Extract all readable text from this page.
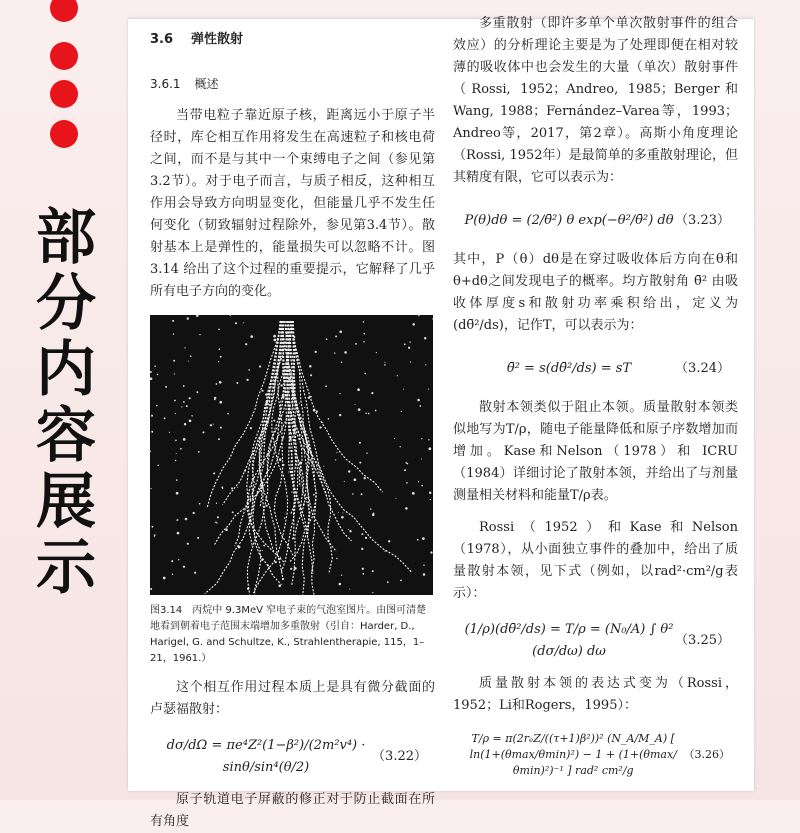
部分内容展示
3.6 弹性散射
3.6.1 概述

当带电粒子靠近原子核，距离远小于原子半径时，库仑相互作用将发生在高速粒子和核电荷之间，而不是与其中一个束缚电子之间（参见第3.2节）。对于电子而言，与质子相反，这种相互作用会导致方向明显变化，但能量几乎不发生任何变化（韧致辐射过程除外，参见第3.4节）。散射基本上是弹性的，能量损失可以忽略不计。图 3.14 给出了这个过程的重要提示，它解释了几乎所有电子方向的变化。

图3.14　丙烷中 9.3MeV 窄电子束的气泡室图片。由图可清楚地看到朝着电子范围末端增加多重散射（引自：Harder, D., Harigel, G. and Schultze, K., Strahlentherapie, 115，1–21，1961.）

这个相互作用过程本质上是具有微分截面的卢瑟福散射：

dσ/dΩ = πe⁴Z²(1−β²)/(2m²v⁴) · sinθ/sin⁴(θ/2)
（3.22）

原子轨道电子屏蔽的修正对于防止截面在所有角度

多重散射（即许多单个单次散射事件的组合效应）的分析理论主要是为了处理即便在相对较薄的吸收体中也会发生的大量（单次）散射事件（Rossi, 1952；Andreo, 1985；Berger和Wang, 1988；Fernández–Varea等，1993；Andreo等，2017，第2章）。高斯小角度理论（Rossi, 1952年）是最简单的多重散射理论，但其精度有限，它可以表示为：

P(θ)dθ = (2/θ̄²) θ exp(−θ²/θ̄²) dθ （3.23）

其中，P（θ）dθ是在穿过吸收体后方向在θ和θ+dθ之间发现电子的概率。均方散射角 θ̄² 由吸收体厚度s和散射功率乘积给出，定义为 (dθ̄²/ds)，记作T，可以表示为：

θ̄² = s(dθ̄²/ds) = sT	（3.24）

散射本领类似于阻止本领。质量散射本领类似地写为T/ρ，随电子能量降低和原子序数增加而增加。Kase和Nelson（1978）和 ICRU（1984）详细讨论了散射本领，并给出了与剂量测量相关材料和能量T/ρ表。

Rossi（1952）和Kase和Nelson（1978），从小面独立事件的叠加中，给出了质量散射本领，见下式（例如，以rad²·cm²/g表示）：

(1/ρ)(dθ̄²/ds) = T/ρ = (N₀/A) ∫ θ² (dσ/dω) dω
（3.25）

质量散射本领的表达式变为（Rossi，1952；Li和Rogers，1995）：

T/ρ = π(2rₑZ/((τ+1)β²))² (N_A/M_A) [ ln(1+(θmax/θmin)²) − 1 + (1+(θmax/θmin)²)⁻¹ ] rad² cm²/g
（3.26）
